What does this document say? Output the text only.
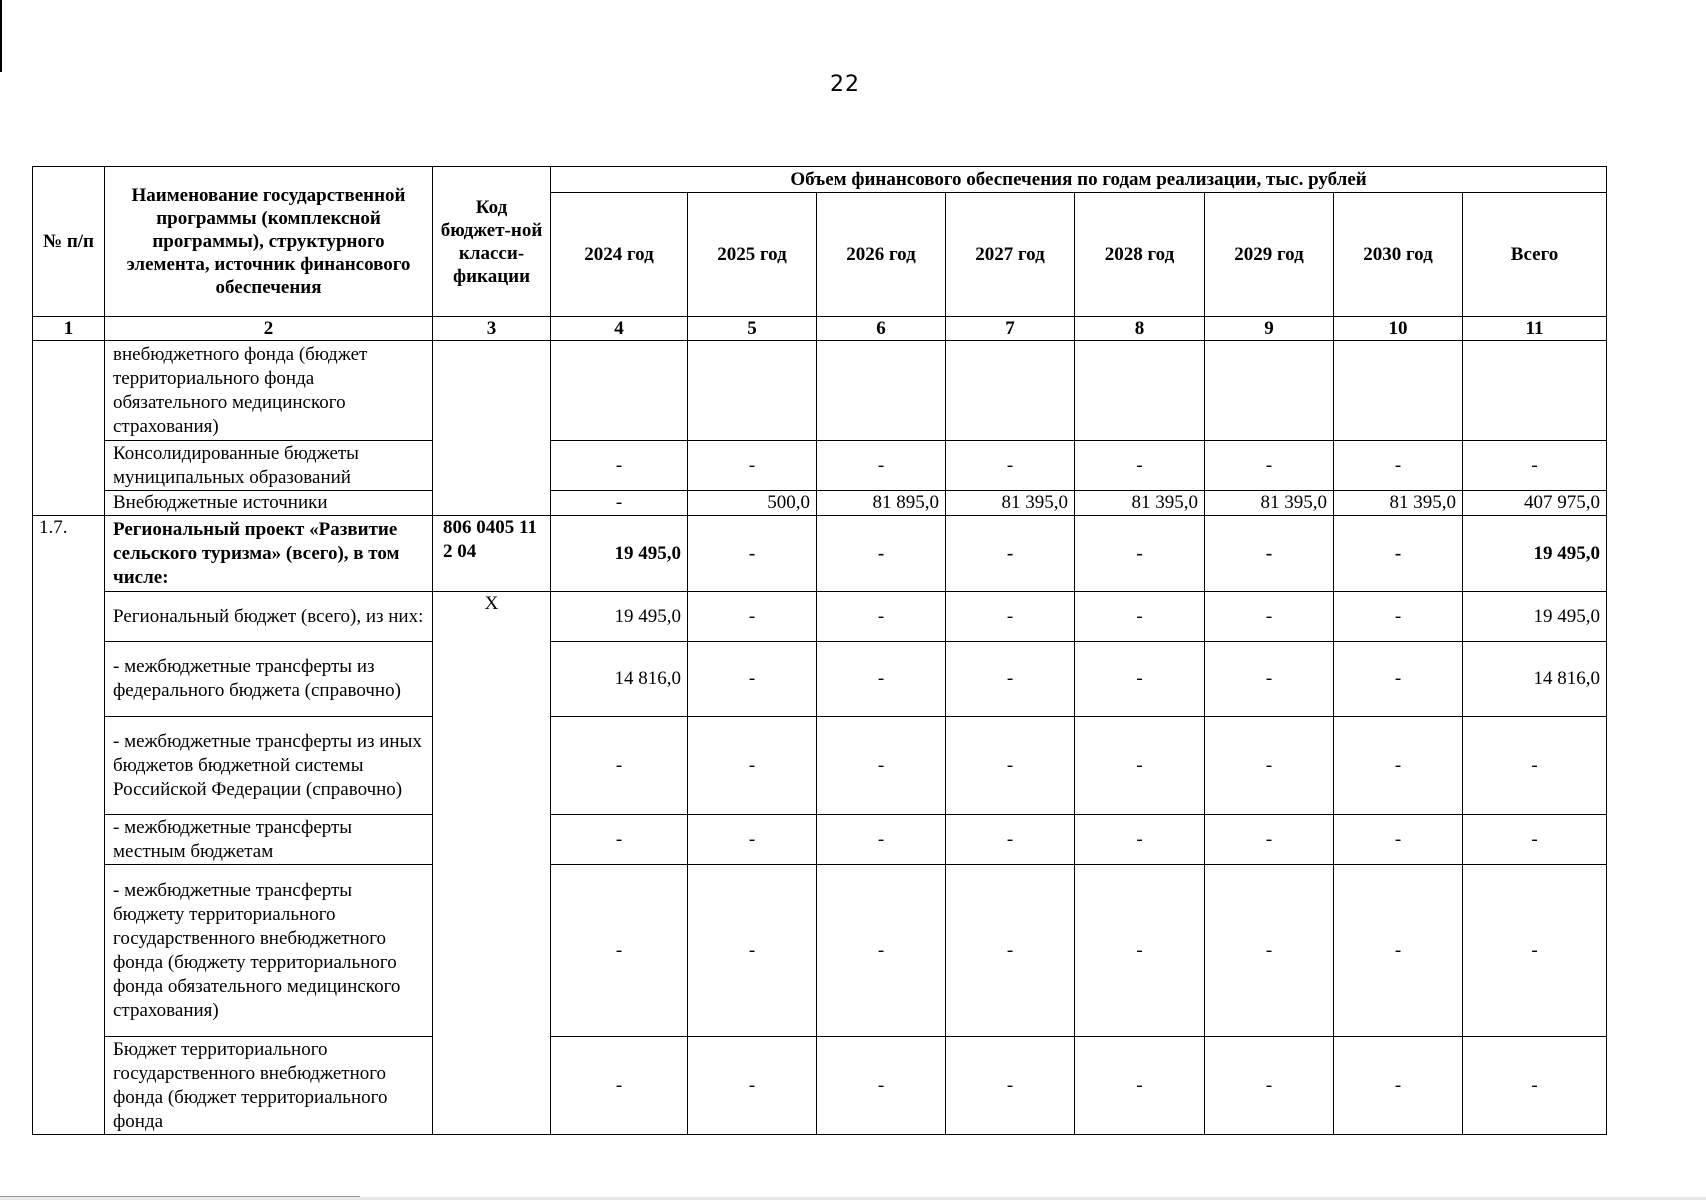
22
№ п/п	Наименование государственной программы (комплексной программы), структурного элемента, источник финансового обеспечения	Код бюджет-ной класси-фикации	Объем финансового обеспечения по годам реализации, тыс. рублей							
			2024 год	2025 год	2026 год	2027 год	2028 год	2029 год	2030 год	Всего
1	2	3	4	5	6	7	8	9	10	11
	внебюджетного фонда (бюджет территориального фонда обязательного медицинского страхования)									
	Консолидированные бюджеты муниципальных образований		-	-	-	-	-	-	-	-
	Внебюджетные источники		-	500,0	81 895,0	81 395,0	81 395,0	81 395,0	81 395,0	407 975,0
1.7.	Региональный проект «Развитие сельского туризма» (всего), в том числе:	806 0405 11 2 04	19 495,0	-	-	-	-	-	-	19 495,0
	Региональный бюджет (всего), из них:	Х	19 495,0	-	-	-	-	-	-	19 495,0
	- межбюджетные трансферты из федерального бюджета (справочно)		14 816,0	-	-	-	-	-	-	14 816,0
	- межбюджетные трансферты из иных бюджетов бюджетной системы Российской Федерации (справочно)		-	-	-	-	-	-	-	-
	- межбюджетные трансферты местным бюджетам		-	-	-	-	-	-	-	-
	- межбюджетные трансферты бюджету территориального государственного внебюджетного фонда (бюджету территориального фонда обязательного медицинского страхования)		-	-	-	-	-	-	-	-
	Бюджет территориального государственного внебюджетного фонда (бюджет территориального фонда		-	-	-	-	-	-	-	-
